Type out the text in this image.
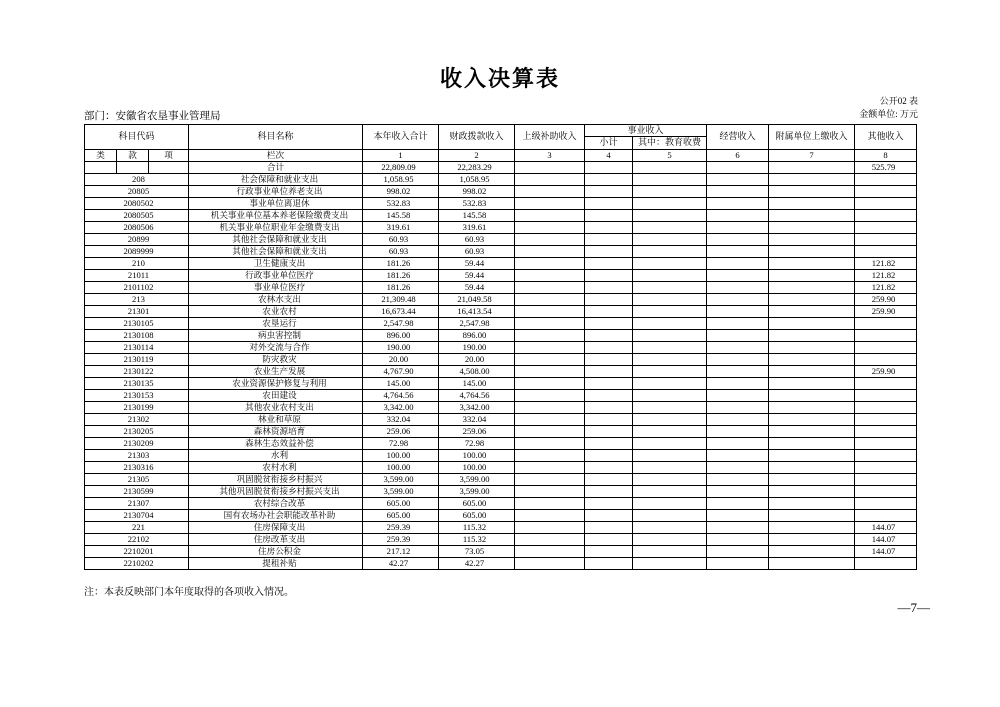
收入决算表
公开02 表
金额单位: 万元
部门：安徽省农垦事业管理局
科目代码			科目名称	本年收入合计	财政拨款收入	上级补助收入	事业收入		经营收入	附属单位上缴收入	其他收入
							小计	其中：教育收费			
类	款	项	栏次	1	2	3	4	5	6	7	8
			合计	22,809.09	22,283.29						525.79
208			社会保障和就业支出	1,058.95	1,058.95						
20805			行政事业单位养老支出	998.02	998.02						
2080502			事业单位离退休	532.83	532.83						
2080505			机关事业单位基本养老保险缴费支出	145.58	145.58						
2080506			机关事业单位职业年金缴费支出	319.61	319.61						
20899			其他社会保障和就业支出	60.93	60.93						
2089999			其他社会保障和就业支出	60.93	60.93						
210			卫生健康支出	181.26	59.44						121.82
21011			行政事业单位医疗	181.26	59.44						121.82
2101102			事业单位医疗	181.26	59.44						121.82
213			农林水支出	21,309.48	21,049.58						259.90
21301			农业农村	16,673.44	16,413.54						259.90
2130105			农垦运行	2,547.98	2,547.98						
2130108			病虫害控制	896.00	896.00						
2130114			对外交流与合作	190.00	190.00						
2130119			防灾救灾	20.00	20.00						
2130122			农业生产发展	4,767.90	4,508.00						259.90
2130135			农业资源保护修复与利用	145.00	145.00						
2130153			农田建设	4,764.56	4,764.56						
2130199			其他农业农村支出	3,342.00	3,342.00						
21302			林业和草原	332.04	332.04						
2130205			森林资源培育	259.06	259.06						
2130209			森林生态效益补偿	72.98	72.98						
21303			水利	100.00	100.00						
2130316			农村水利	100.00	100.00						
21305			巩固脱贫衔接乡村振兴	3,599.00	3,599.00						
2130599			其他巩固脱贫衔接乡村振兴支出	3,599.00	3,599.00						
21307			农村综合改革	605.00	605.00						
2130704			国有农场办社会职能改革补助	605.00	605.00						
221			住房保障支出	259.39	115.32						144.07
22102			住房改革支出	259.39	115.32						144.07
2210201			住房公积金	217.12	73.05						144.07
2210202			提租补贴	42.27	42.27						
注：本表反映部门本年度取得的各项收入情况。
—7—
